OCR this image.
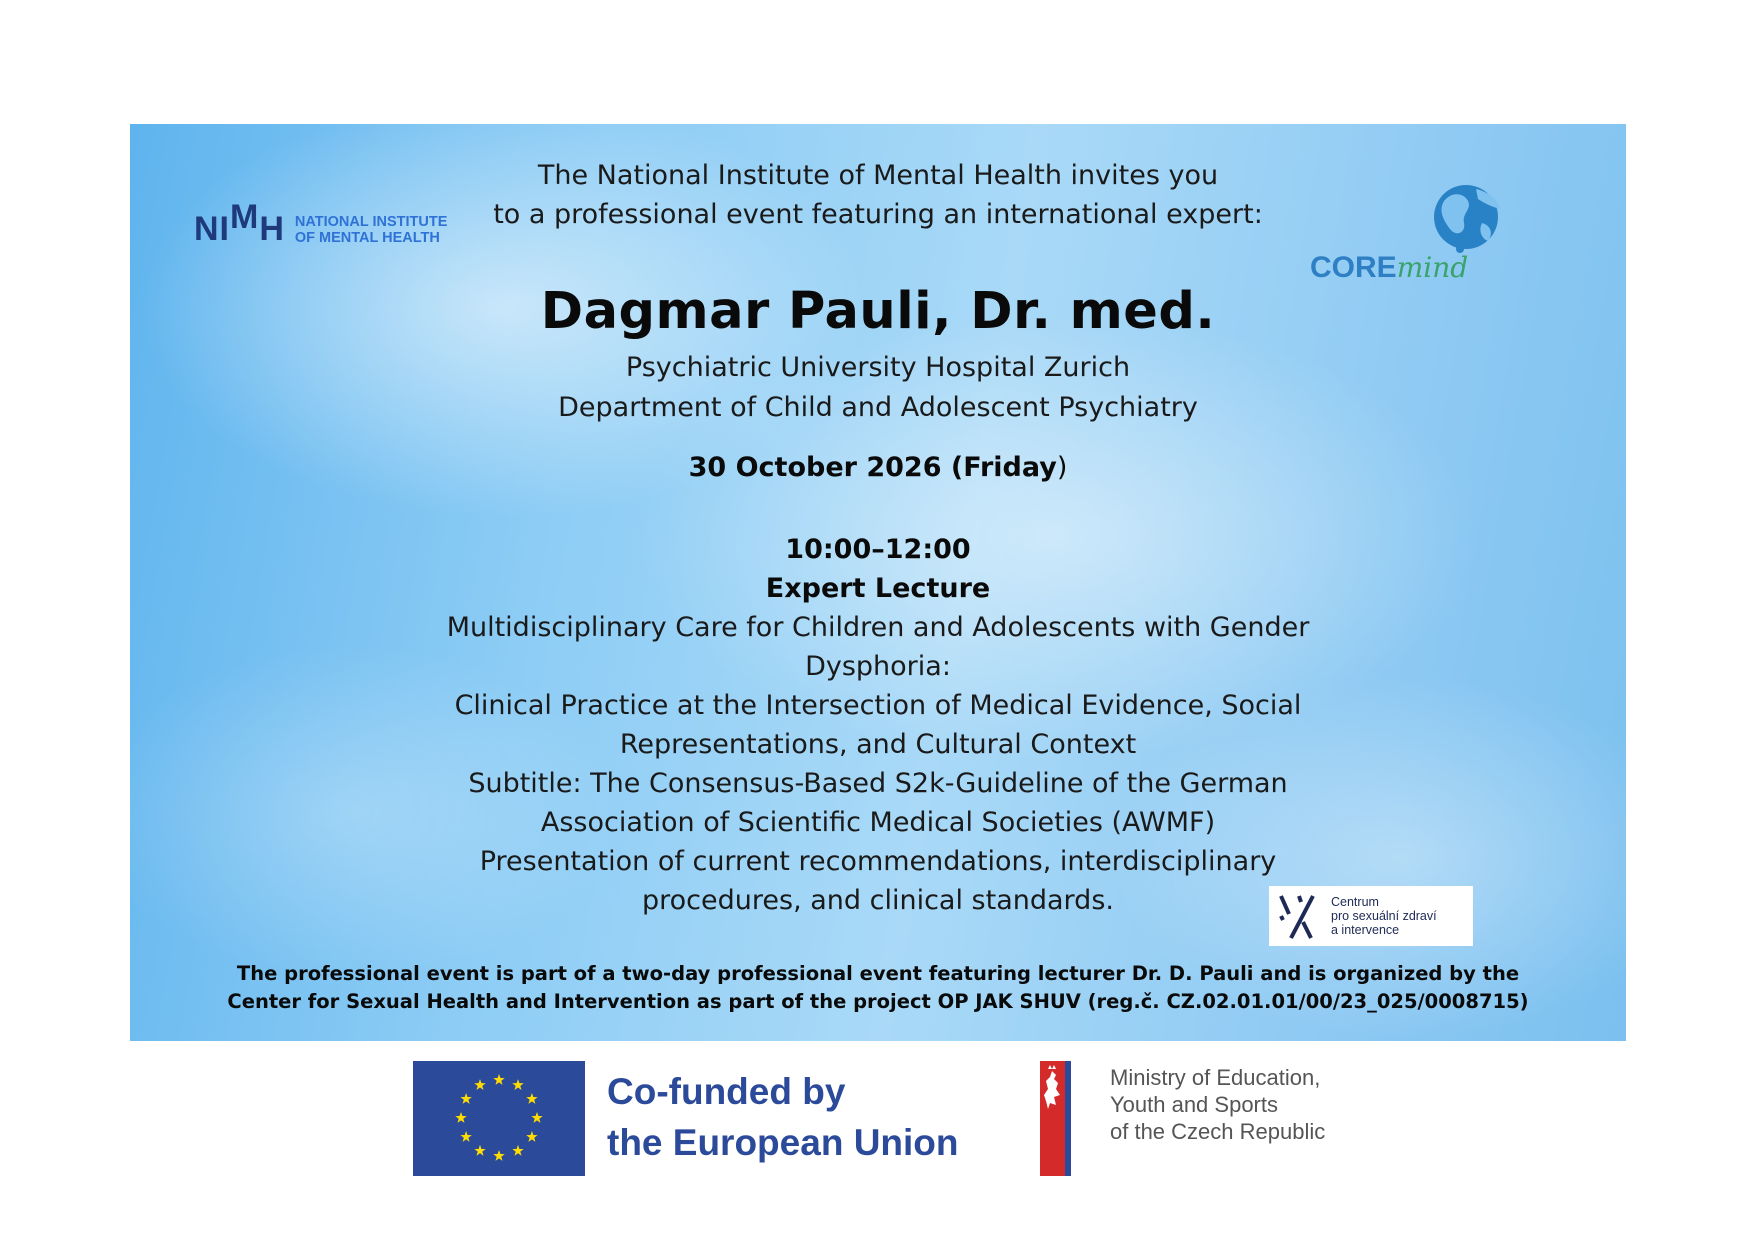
NIMH NATIONAL INSTITUTE
OF MENTAL HEALTH
COREmind
The National Institute of Mental Health invites you
to a professional event featuring an international expert:
Dagmar Pauli, Dr. med.
Psychiatric University Hospital Zurich
Department of Child and Adolescent Psychiatry
30 October 2026 (Friday)
10:00–12:00
Expert Lecture

Multidisciplinary Care for Children and Adolescents with Gender Dysphoria:

Clinical Practice at the Intersection of Medical Evidence, Social Representations, and Cultural Context

Subtitle: The Consensus-Based S2k-Guideline of the German Association of Scientific Medical Societies (AWMF)

Presentation of current recommendations, interdisciplinary procedures, and clinical standards.	Centrum
pro sexuální zdraví
a intervence
The professional event is part of a two-day professional event featuring lecturer Dr. D. Pauli and is organized by the
Center for Sexual Health and Intervention as part of the project OP JAK SHUV (reg.č. CZ.02.01.01/00/23_025/0008715)
Co-funded by
the European Union
Ministry of Education,
Youth and Sports
of the Czech Republic
